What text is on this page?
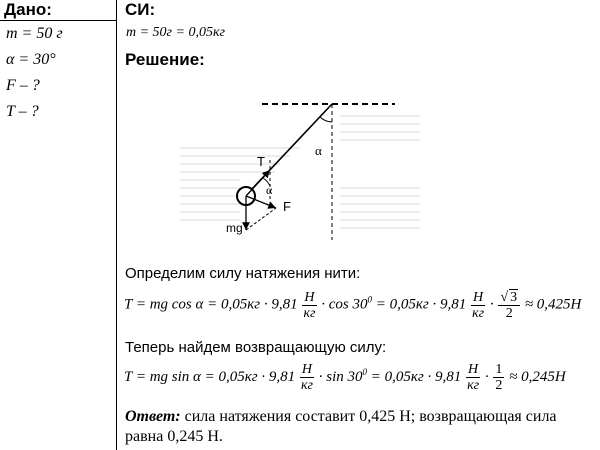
Дано:
m = 50 г
α = 30°
F – ?
T – ?
СИ:
m = 50г = 0,05кг
Решение:
T
α
α
F
mg
Определим силу натяжения нити:
T = mg $\cos \alpha = 0,05кг \cdot 9,81 \frac{Н}{кг} \cdot \cos 30^0 = 0,05кг \cdot 9,81 \frac{Н}{кг} \cdot \frac{√ 3}{2} \approx 0,425Н$
Теперь найдем возвращающую силу:
T = mg $\sin \alpha = 0,05кг \cdot 9,81 \frac{Н}{кг} \cdot \sin 30^0 = 0,05кг \cdot 9,81 \frac{Н}{кг} \cdot \frac{1}{2} \approx 0,245Н$
Ответ: сила натяжения составит 0,425 Н; возвращающая сила
равна 0,245 Н.
